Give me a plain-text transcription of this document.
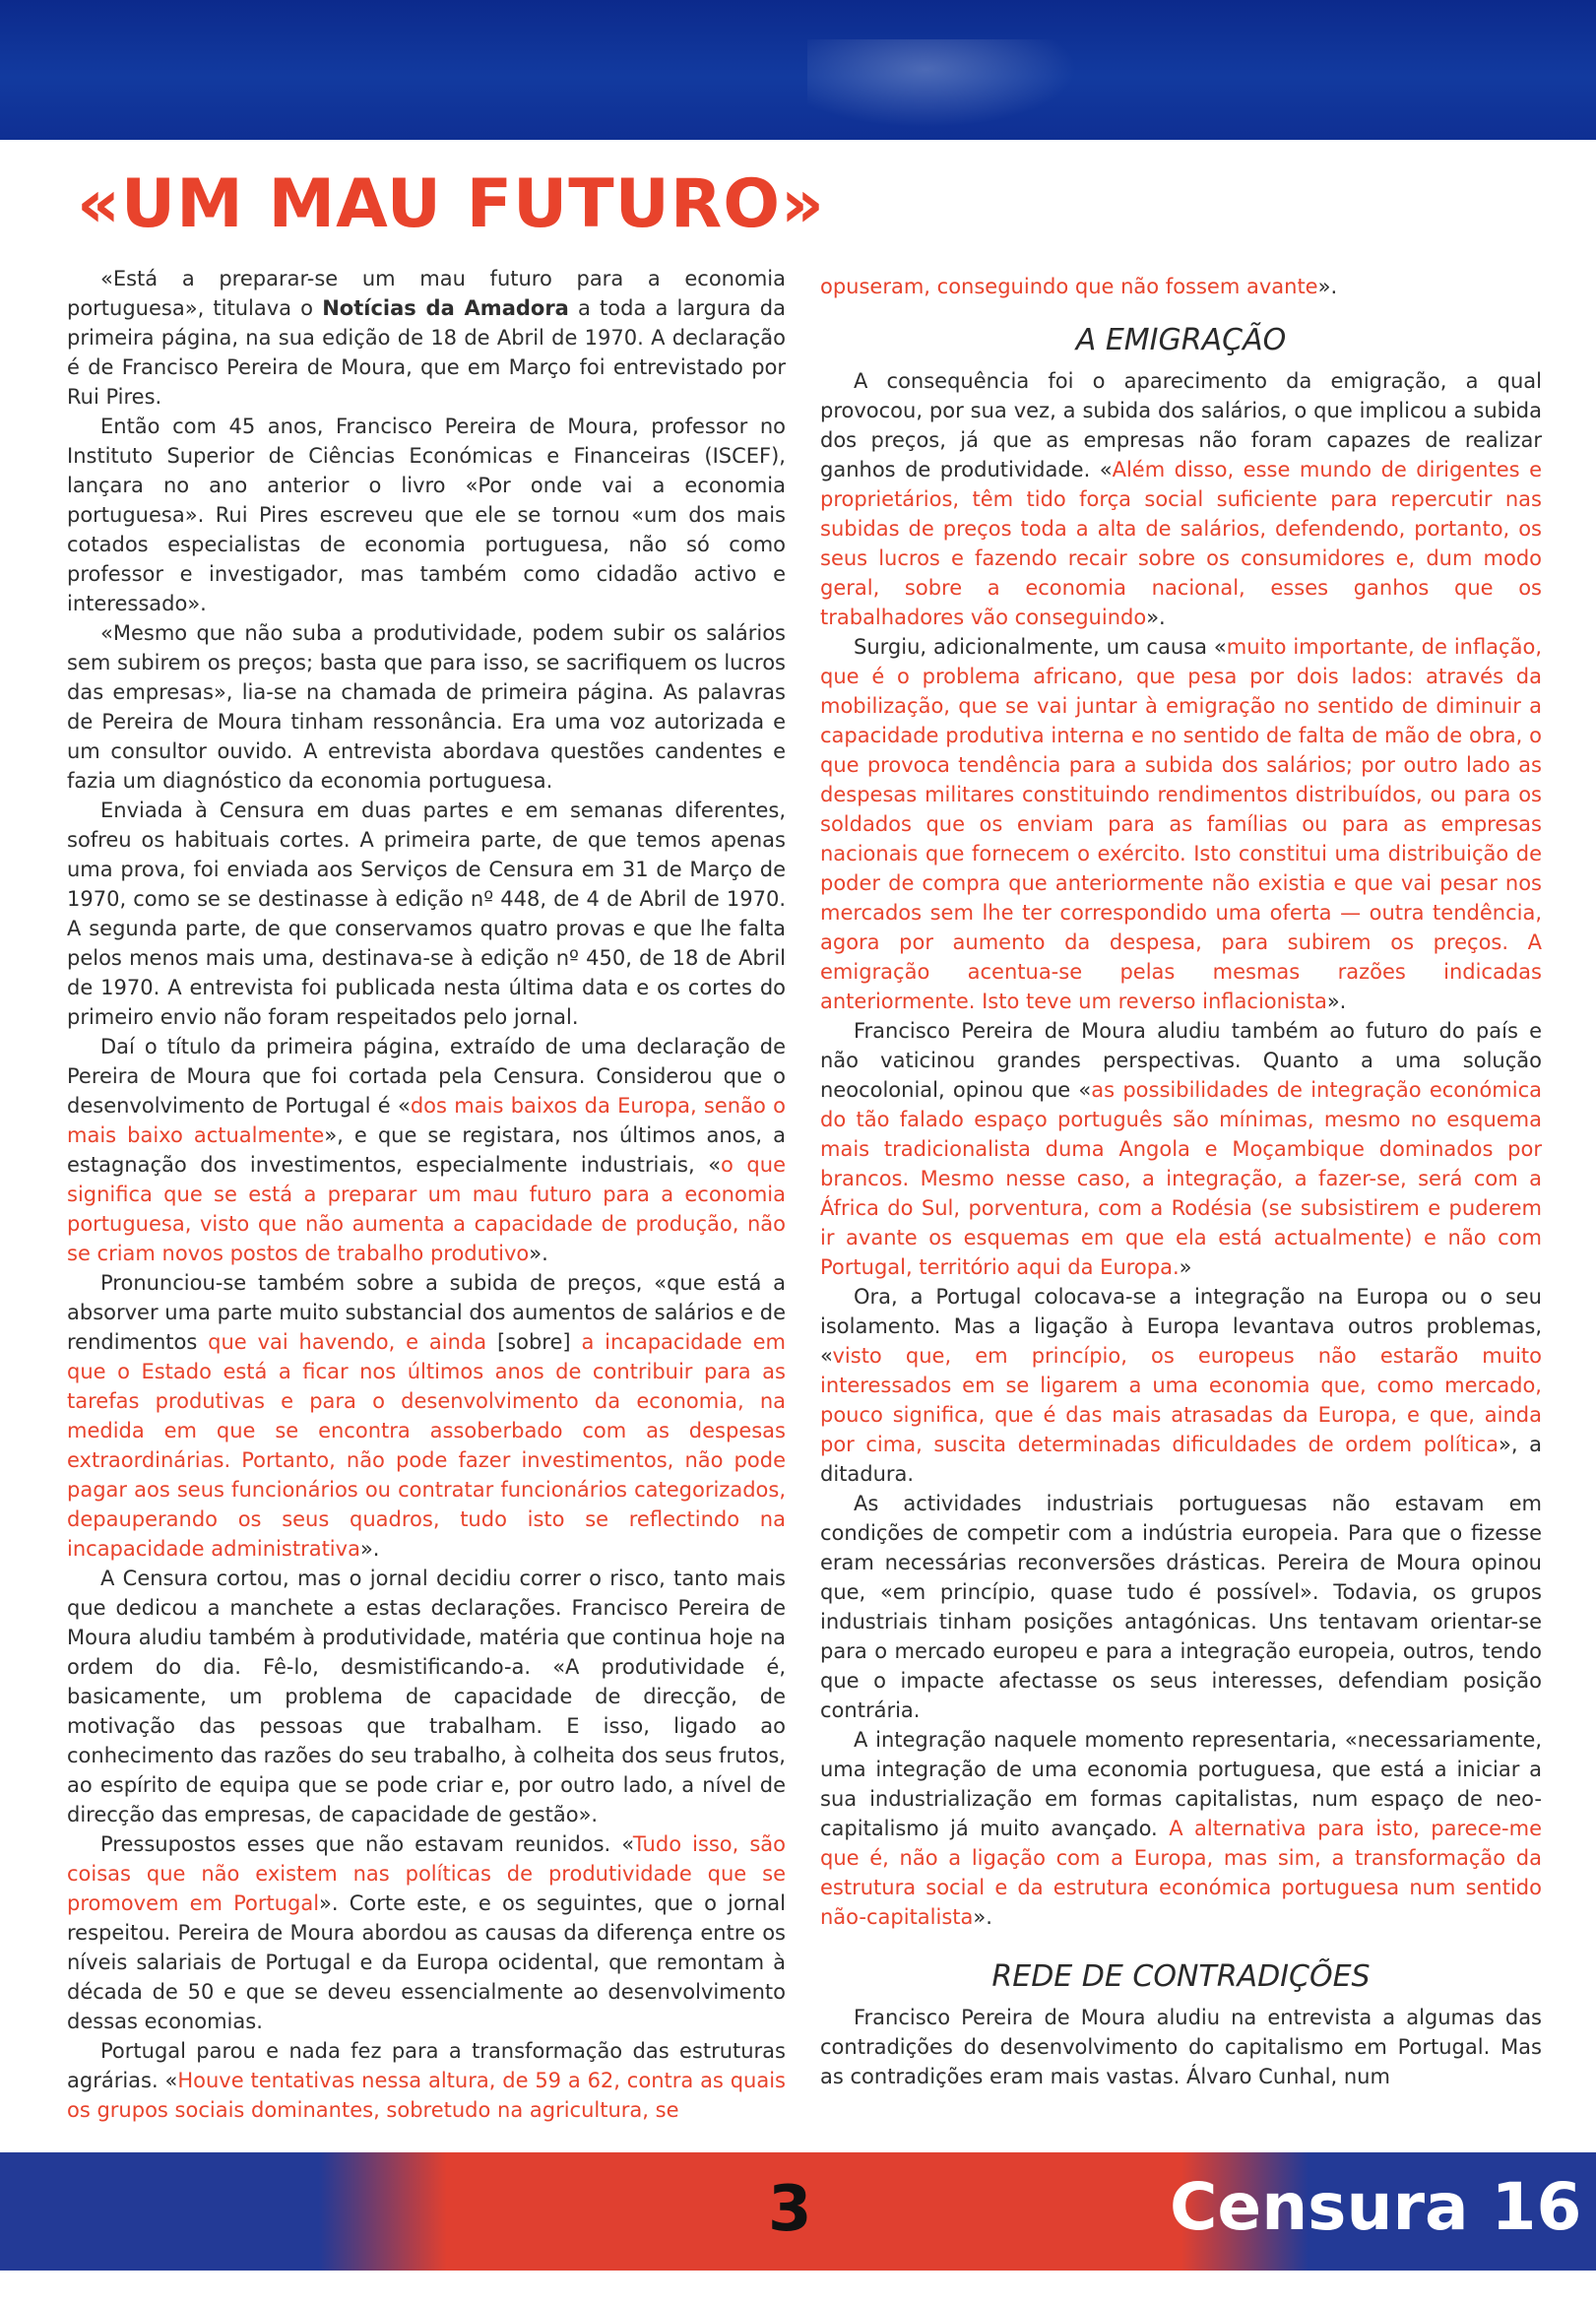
«UM MAU FUTURO»

«Está a preparar-se um mau futuro para a economia portuguesa», titulava o Notícias da Amadora a toda a largura da primeira página, na sua edição de 18 de Abril de 1970. A declaração é de Francisco Pereira de Moura, que em Março foi entrevistado por Rui Pires.

Então com 45 anos, Francisco Pereira de Moura, professor no Instituto Superior de Ciências Económicas e Financeiras (ISCEF), lançara no ano anterior o livro «Por onde vai a economia portuguesa». Rui Pires escreveu que ele se tornou «um dos mais cotados especialistas de economia portuguesa, não só como professor e investigador, mas também como cidadão activo e interessado».

«Mesmo que não suba a produtividade, podem subir os salários sem subirem os preços; basta que para isso, se sacrifiquem os lucros das empresas», lia-se na chamada de primeira página. As palavras de Pereira de Moura tinham ressonância. Era uma voz autorizada e um consultor ouvido. A entrevista abordava questões candentes e fazia um diagnóstico da economia portuguesa.

Enviada à Censura em duas partes e em semanas diferentes, sofreu os habituais cortes. A primeira parte, de que temos apenas uma prova, foi enviada aos Serviços de Censura em 31 de Março de 1970, como se se destinasse à edição nº 448, de 4 de Abril de 1970. A segunda parte, de que conservamos quatro provas e que lhe falta pelos menos mais uma, destinava-se à edição nº 450, de 18 de Abril de 1970. A entrevista foi publicada nesta última data e os cortes do primeiro envio não foram respeitados pelo jornal.

Daí o título da primeira página, extraído de uma declaração de Pereira de Moura que foi cortada pela Censura. Considerou que o desenvolvimento de Portugal é «dos mais baixos da Europa, senão o mais baixo actualmente», e que se registara, nos últimos anos, a estagnação dos investimentos, especialmente industriais, «o que significa que se está a preparar um mau futuro para a economia portuguesa, visto que não aumenta a capacidade de produção, não se criam novos postos de trabalho produtivo».

Pronunciou-se também sobre a subida de preços, «que está a absorver uma parte muito substancial dos aumentos de salários e de rendimentos que vai havendo, e ainda [sobre] a incapacidade em que o Estado está a ficar nos últimos anos de contribuir para as tarefas produtivas e para o desenvolvimento da economia, na medida em que se encontra assoberbado com as despesas extraordinárias. Portanto, não pode fazer investimentos, não pode pagar aos seus funcionários ou contratar funcionários categorizados, depauperando os seus quadros, tudo isto se reflectindo na incapacidade administrativa».

A Censura cortou, mas o jornal decidiu correr o risco, tanto mais que dedicou a manchete a estas declarações. Francisco Pereira de Moura aludiu também à produtividade, matéria que continua hoje na ordem do dia. Fê-lo, desmistificando-a. «A produtividade é, basicamente, um problema de capacidade de direcção, de motivação das pessoas que trabalham. E isso, ligado ao conhecimento das razões do seu trabalho, à colheita dos seus frutos, ao espírito de equipa que se pode criar e, por outro lado, a nível de direcção das empresas, de capacidade de gestão».

Pressupostos esses que não estavam reunidos. «Tudo isso, são coisas que não existem nas políticas de produtividade que se promovem em Portugal». Corte este, e os seguintes, que o jornal respeitou. Pereira de Moura abordou as causas da diferença entre os níveis salariais de Portugal e da Europa ocidental, que remontam à década de 50 e que se deveu essencialmente ao desenvolvimento dessas economias.

Portugal parou e nada fez para a transformação das estruturas agrárias. «Houve tentativas nessa altura, de 59 a 62, contra as quais os grupos sociais dominantes, sobretudo na agricultura, se

opuseram, conseguindo que não fossem avante».

A EMIGRAÇÃO

A consequência foi o aparecimento da emigração, a qual provocou, por sua vez, a subida dos salários, o que implicou a subida dos preços, já que as empresas não foram capazes de realizar ganhos de produtividade. «Além disso, esse mundo de dirigentes e proprietários, têm tido força social suficiente para repercutir nas subidas de preços toda a alta de salários, defendendo, portanto, os seus lucros e fazendo recair sobre os consumidores e, dum modo geral, sobre a economia nacional, esses ganhos que os trabalhadores vão conseguindo».

Surgiu, adicionalmente, um causa «muito importante, de inflação, que é o problema africano, que pesa por dois lados: através da mobilização, que se vai juntar à emigração no sentido de diminuir a capacidade produtiva interna e no sentido de falta de mão de obra, o que provoca tendência para a subida dos salários; por outro lado as despesas militares constituindo rendimentos distribuídos, ou para os soldados que os enviam para as famílias ou para as empresas nacionais que fornecem o exército. Isto constitui uma distribuição de poder de compra que anteriormente não existia e que vai pesar nos mercados sem lhe ter correspondido uma oferta — outra tendência, agora por aumento da despesa, para subirem os preços. A emigração acentua-se pelas mesmas razões indicadas anteriormente. Isto teve um reverso inflacionista».

Francisco Pereira de Moura aludiu também ao futuro do país e não vaticinou grandes perspectivas. Quanto a uma solução neocolonial, opinou que «as possibilidades de integração económica do tão falado espaço português são mínimas, mesmo no esquema mais tradicionalista duma Angola e Moçambique dominados por brancos. Mesmo nesse caso, a integração, a fazer-se, será com a África do Sul, porventura, com a Rodésia (se subsistirem e puderem ir avante os esquemas em que ela está actualmente) e não com Portugal, território aqui da Europa.»

Ora, a Portugal colocava-se a integração na Europa ou o seu isolamento. Mas a ligação à Europa levantava outros problemas, «visto que, em princípio, os europeus não estarão muito interessados em se ligarem a uma economia que, como mercado, pouco significa, que é das mais atrasadas da Europa, e que, ainda por cima, suscita determinadas dificuldades de ordem política», a ditadura.

As actividades industriais portuguesas não estavam em condições de competir com a indústria europeia. Para que o fizesse eram necessárias reconversões drásticas. Pereira de Moura opinou que, «em princípio, quase tudo é possível». Todavia, os grupos industriais tinham posições antagónicas. Uns tentavam orientar-se para o mercado europeu e para a integração europeia, outros, tendo que o impacte afectasse os seus interesses, defendiam posição contrária.

A integração naquele momento representaria, «necessariamente, uma integração de uma economia portuguesa, que está a iniciar a sua industrialização em formas capitalistas, num espaço de neo-capitalismo já muito avançado. A alternativa para isto, parece-me que é, não a ligação com a Europa, mas sim, a transformação da estrutura social e da estrutura económica portuguesa num sentido não-capitalista».

REDE DE CONTRADIÇÕES

Francisco Pereira de Moura aludiu na entrevista a algumas das contradições do desenvolvimento do capitalismo em Portugal. Mas as contradições eram mais vastas. Álvaro Cunhal, num

3	Censura 16
